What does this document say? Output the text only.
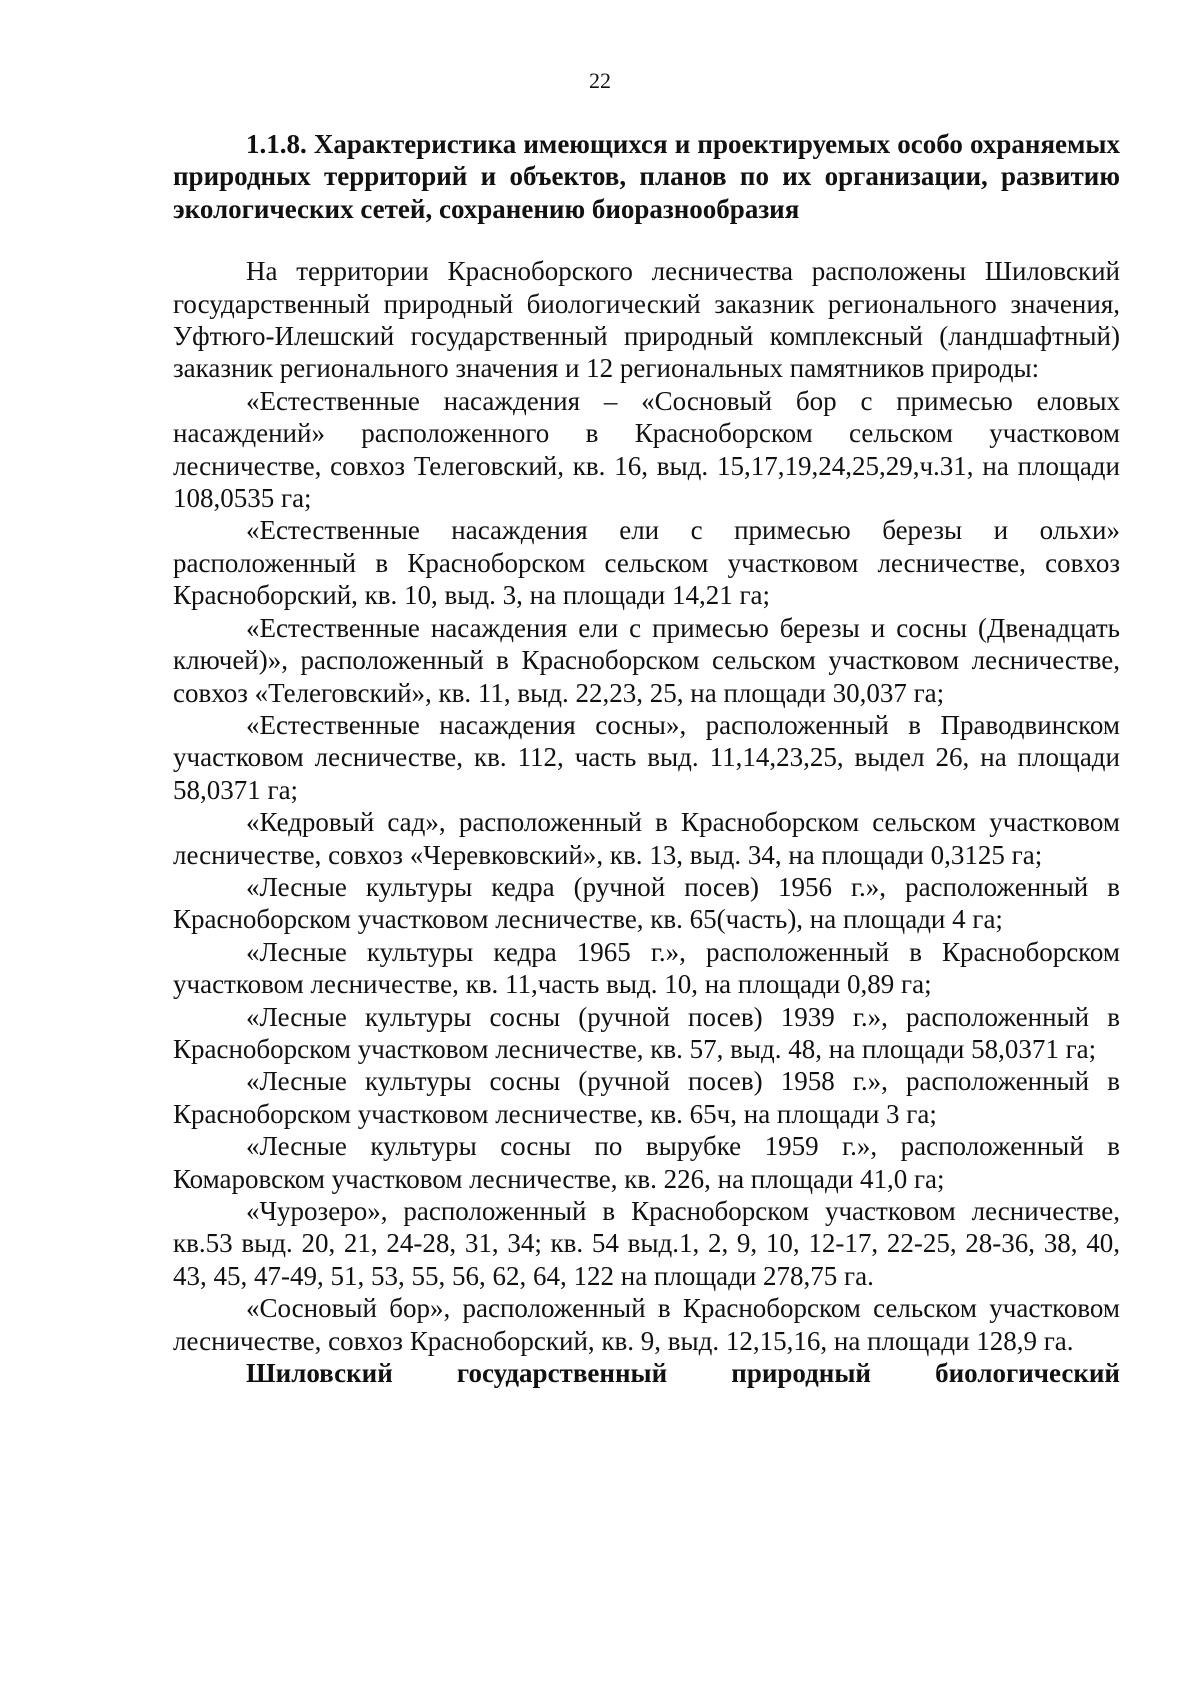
22

1.1.8. Характеристика имеющихся и проектируемых особо охраняемых природных территорий и объектов, планов по их организации, развитию экологических сетей, сохранению биоразнообразия

На территории Красноборского лесничества расположены Шиловский государственный природный биологический заказник регионального значения, Уфтюго-Илешский государственный природный комплексный (ландшафтный) заказник регионального значения и 12 региональных памятников природы:

«Естественные насаждения – «Сосновый бор с примесью еловых насаждений» расположенного в Красноборском сельском участковом лесничестве, совхоз Телеговский, кв. 16, выд. 15,17,19,24,25,29,ч.31, на площади 108,0535 га;

«Естественные насаждения ели с примесью березы и ольхи» расположенный в Красноборском сельском участковом лесничестве, совхоз Красноборский, кв. 10, выд. 3, на площади 14,21 га;

«Естественные насаждения ели с примесью березы и сосны (Двенадцать ключей)», расположенный в Красноборском сельском участковом лесничестве, совхоз «Телеговский», кв. 11, выд. 22,23, 25, на площади 30,037 га;

«Естественные насаждения сосны», расположенный в Праводвинском участковом лесничестве, кв. 112, часть выд. 11,14,23,25, выдел 26, на площади 58,0371 га;

«Кедровый сад», расположенный в Красноборском сельском участковом лесничестве, совхоз «Черевковский», кв. 13, выд. 34, на площади 0,3125 га;

«Лесные культуры кедра (ручной посев) 1956 г.», расположенный в Красноборском участковом лесничестве, кв. 65(часть), на площади 4 га;

«Лесные культуры кедра 1965 г.», расположенный в Красноборском участковом лесничестве, кв. 11,часть выд. 10, на площади 0,89 га;

«Лесные культуры сосны (ручной посев) 1939 г.», расположенный в Красноборском участковом лесничестве, кв. 57, выд. 48, на площади 58,0371 га;

«Лесные культуры сосны (ручной посев) 1958 г.», расположенный в Красноборском участковом лесничестве, кв. 65ч, на площади 3 га;

«Лесные культуры сосны по вырубке 1959 г.», расположенный в Комаровском участковом лесничестве, кв. 226, на площади 41,0 га;

«Чурозеро», расположенный в Красноборском участковом лесничестве, кв.53 выд. 20, 21, 24-28, 31, 34; кв. 54 выд.1, 2, 9, 10, 12-17, 22-25, 28-36, 38, 40, 43, 45, 47-49, 51, 53, 55, 56, 62, 64, 122 на площади 278,75 га.

«Сосновый бор», расположенный в Красноборском сельском участковом лесничестве, совхоз Красноборский, кв. 9, выд. 12,15,16, на площади 128,9 га.

Шиловский государственный природный биологический
